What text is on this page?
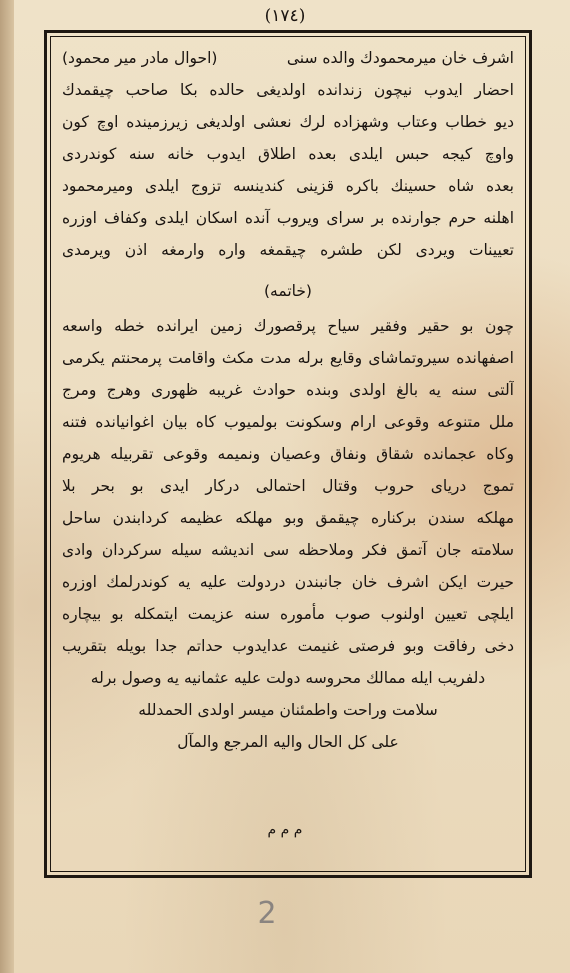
(١٧٤)
اشرف خان میرمحمودك والده سنی
(احوال مادر میر محمود)
احضار ایدوب نیچون زندانده اولدیغی حالده بكا صاحب چیقمدك
دیو خطاب وعتاب وشهزاده لرك نعشی اولدیغی زیرزمینده اوچ كون
واوچ كیجه حبس ایلدی بعده اطلاق ایدوب خانه سنه كوندردی
بعده شاه حسینك باكره قزینی كندینسه تزوج ایلدی ومیرمحمود
اهلنه حرم جوارنده بر سرای ویروب آنده اسكان ایلدی وكفاف اوزره
تعیینات ویردی لكن طشره چیقمغه واره وارمغه اذن ویرمدی
(خاتمه)
چون بو حقیر وفقیر سیاح پرقصورك زمین ایرانده خطه واسعه
اصفهانده سیروتماشای وقایع برله مدت مكث واقامت پرمحنتم یكرمی
آلتی سنه یه بالغ اولدی وبنده حوادث غریبه ظهوری وهرج ومرج
ملل متنوعه وقوعی ارام وسكونت بولمیوب كاه بیان اغوانیانده فتنه
وكاه عجمانده شقاق ونفاق وعصیان ونمیمه وقوعی تقربیله هریوم
تموج دریای حروب وقتال احتمالی دركار ایدی بو بحر بلا
مهلكه سندن بركناره چیقمق وبو مهلكه عظیمه كردابندن ساحل
سلامته جان آتمق فكر وملاحظه سی اندیشه سیله سركردان وادی
حیرت ایكن اشرف خان جانبندن دردولت علیه یه كوندرلمك اوزره
ایلچی تعیین اولنوب صوب مأموره سنه عزیمت ایتمكله بو بیچاره
دخی رفاقت وبو فرصتی غنیمت عدایدوب حداتم جدا بویله بتقریب
دلفریب ایله ممالك محروسه دولت علیه عثمانیه یه وصول برله
سلامت وراحت واطمئنان میسر اولدی الحمدلله
علی كل الحال والیه المرجع والمآل
م م م
2
